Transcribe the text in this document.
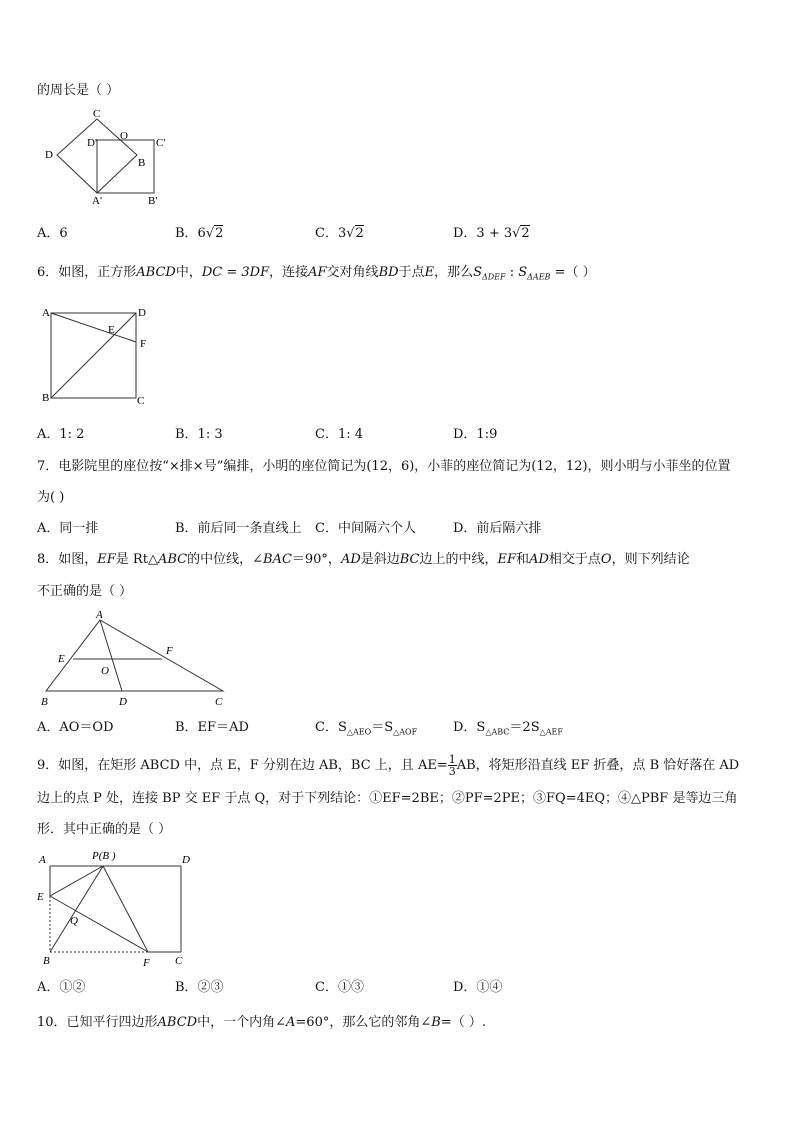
的周长是（ ）
C
O
D
D'	C'
B
A'	B'
A．6	B．6√2	C．3√2	D．3 + 3√2
6．如图，正方形ABCD中，DC = 3DF，连接AF交对角线BD于点E，那么$S_{\Delta DEF}$ : $S_{\Delta AEB}$ =（ ）
A	D
E
F
B	C
A．1: 2	B．1: 3	C．1: 4	D．1:9
7．电影院里的座位按“×排×号”编排，小明的座位简记为(12，6)，小菲的座位简记为(12，12)，则小明与小菲坐的位置
为( )
A．同一排	B．前后同一条直线上 C．中间隔六个人	D．前后隔六排
8．如图，EF是 Rt△ABC的中位线，∠BAC＝90°，AD是斜边BC边上的中线，EF和AD相交于点O，则下列结论
不正确的是（ ）
A
E
F
O
B	D	C
A．AO＝OD	B．EF＝AD	C．$S_{\triangle AEO}=S_{\triangle AOF}$	D．$S_{\triangle ABC}=2S_{\triangle AEF}$
9．如图，在矩形 ABCD 中，点 E，F 分别在边 AB，BC 上，且 $AE= \frac{1}{3}$ AB，将矩形沿直线 EF 折叠，点 B 恰好落在 AD
边上的点 P 处，连接 BP 交 EF 于点 Q，对于下列结论：①EF=2BE；②PF=2PE；③FQ=4EQ；④△PBF 是等边三角
形．其中正确的是（ ）
A	P(B )	D
E
Q
B	F C
A．①②	B．②③	C．①③	D．①④
10．已知平行四边形ABCD中，一个内角∠A=60°，那么它的邻角∠B=（ ）.
